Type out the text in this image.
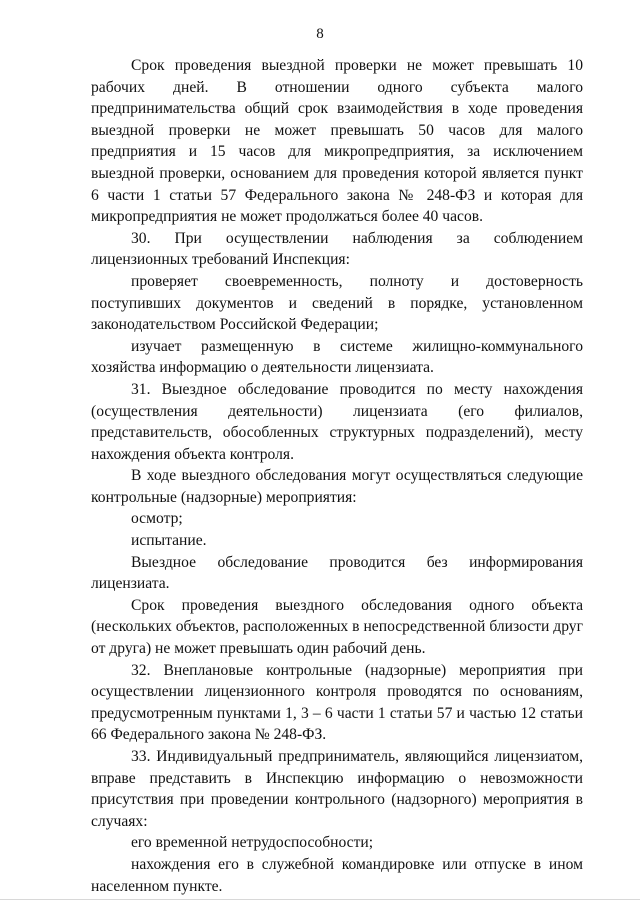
8

Срок проведения выездной проверки не может превышать 10 рабочих дней. В отношении одного субъекта малого предпринимательства общий срок взаимодействия в ходе проведения выездной проверки не может превышать 50 часов для малого предприятия и 15 часов для микропредприятия, за исключением выездной проверки, основанием для проведения которой является пункт 6 части 1 статьи 57 Федерального закона № 248-ФЗ и которая для микропредприятия не может продолжаться более 40 часов.

30. При осуществлении наблюдения за соблюдением лицензионных требований Инспекция:

проверяет своевременность, полноту и достоверность поступивших документов и сведений в порядке, установленном законодательством Российской Федерации;

изучает размещенную в системе жилищно-коммунального хозяйства информацию о деятельности лицензиата.

31. Выездное обследование проводится по месту нахождения (осуществления деятельности) лицензиата (его филиалов, представительств, обособленных структурных подразделений), месту нахождения объекта контроля.

В ходе выездного обследования могут осуществляться следующие контрольные (надзорные) мероприятия:

осмотр;

испытание.

Выездное обследование проводится без информирования лицензиата.

Срок проведения выездного обследования одного объекта (нескольких объектов, расположенных в непосредственной близости друг от друга) не может превышать один рабочий день.

32. Внеплановые контрольные (надзорные) мероприятия при осуществлении лицензионного контроля проводятся по основаниям, предусмотренным пунктами 1, 3 – 6 части 1 статьи 57 и частью 12 статьи 66 Федерального закона № 248-ФЗ.

33. Индивидуальный предприниматель, являющийся лицензиатом, вправе представить в Инспекцию информацию о невозможности присутствия при проведении контрольного (надзорного) мероприятия в случаях:

его временной нетрудоспособности;

нахождения его в служебной командировке или отпуске в ином населенном пункте.
